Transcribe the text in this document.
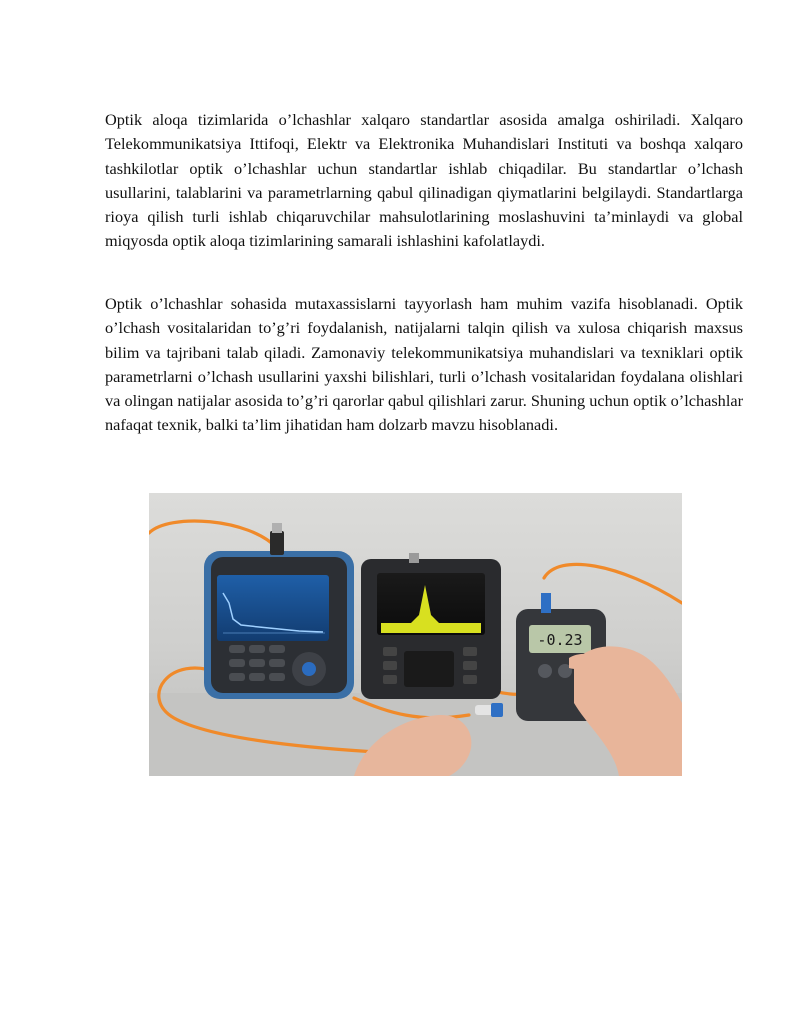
Optik aloqa tizimlarida o’lchashlar xalqaro standartlar asosida amalga oshiriladi. Xalqaro Telekommunikatsiya Ittifoqi, Elektr va Elektronika Muhandislari Instituti va boshqa xalqaro tashkilotlar optik o’lchashlar uchun standartlar ishlab chiqadilar. Bu standartlar o’lchash usullarini, talablarini va parametrlarning qabul qilinadigan qiymatlarini belgilaydi. Standartlarga rioya qilish turli ishlab chiqaruvchilar mahsulotlarining moslashuvini ta’minlaydi va global miqyosda optik aloqa tizimlarining samarali ishlashini kafolatlaydi.

Optik o’lchashlar sohasida mutaxassislarni tayyorlash ham muhim vazifa hisoblanadi. Optik o’lchash vositalaridan to’g’ri foydalanish, natijalarni talqin qilish va xulosa chiqarish maxsus bilim va tajribani talab qiladi. Zamonaviy telekommunikatsiya muhandislari va texniklari optik parametrlarni o’lchash usullarini yaxshi bilishlari, turli o’lchash vositalaridan foydalana olishlari va olingan natijalar asosida to’g’ri qarorlar qabul qilishlari zarur. Shuning uchun optik o’lchashlar nafaqat texnik, balki ta’lim jihatidan ham dolzarb mavzu hisoblanadi.

-0.23
